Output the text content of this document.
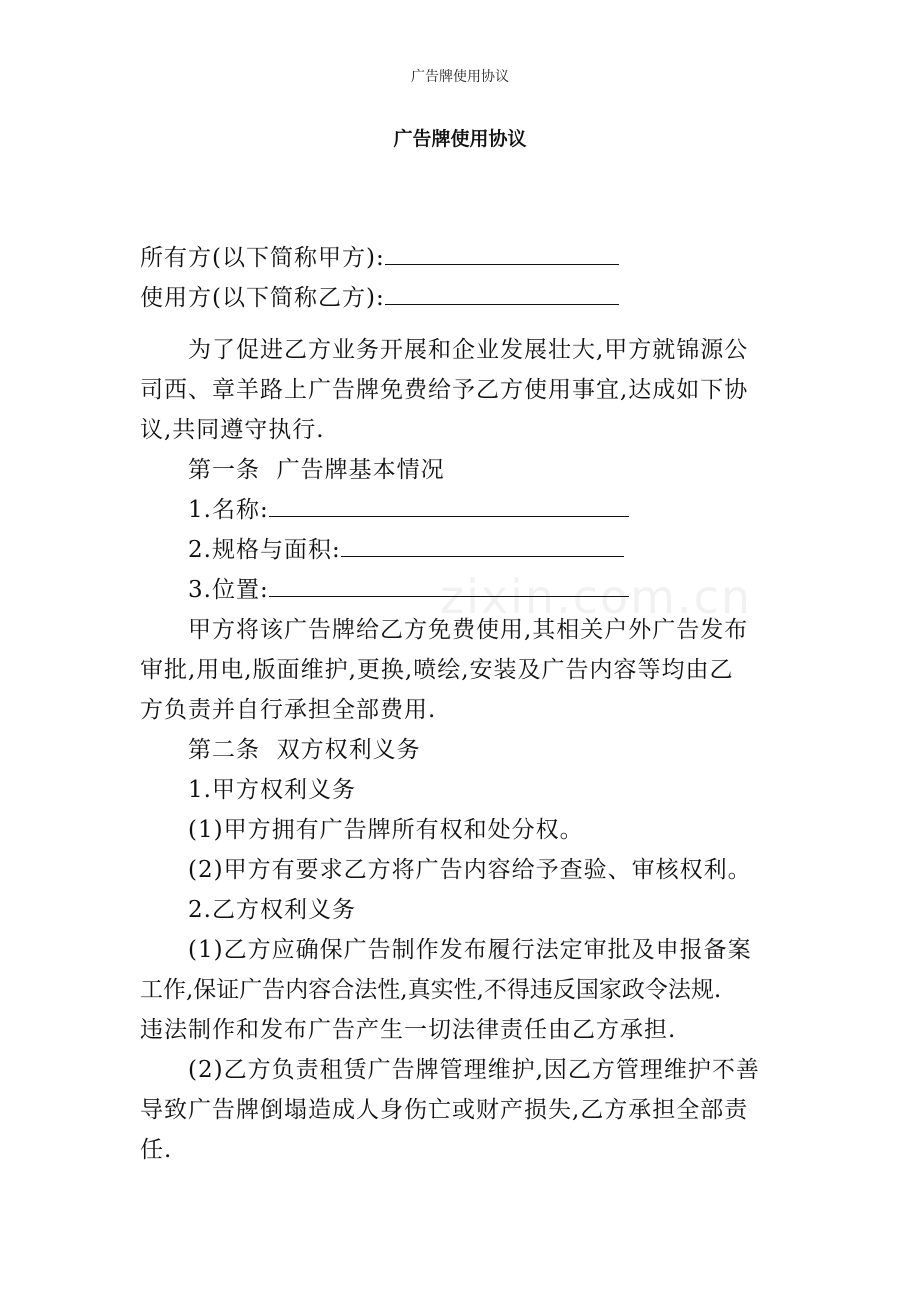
广告牌使用协议
广告牌使用协议
所有方(以下简称甲方):
使用方(以下简称乙方):
为了促进乙方业务开展和企业发展壮大,甲方就锦源公
司西、章羊路上广告牌免费给予乙方使用事宜,达成如下协
议,共同遵守执行.
第一条  广告牌基本情况
1.名称:
2.规格与面积:
3.位置:
甲方将该广告牌给乙方免费使用,其相关户外广告发布
审批,用电,版面维护,更换,喷绘,安装及广告内容等均由乙
方负责并自行承担全部费用.
第二条  双方权利义务
1.甲方权利义务
(1)甲方拥有广告牌所有权和处分权。
(2)甲方有要求乙方将广告内容给予查验、审核权利。
2.乙方权利义务
(1)乙方应确保广告制作发布履行法定审批及申报备案
工作,保证广告内容合法性,真实性,不得违反国家政令法规.
违法制作和发布广告产生一切法律责任由乙方承担.
(2)乙方负责租赁广告牌管理维护,因乙方管理维护不善
导致广告牌倒塌造成人身伤亡或财产损失,乙方承担全部责
任.
zixin.com.cn
